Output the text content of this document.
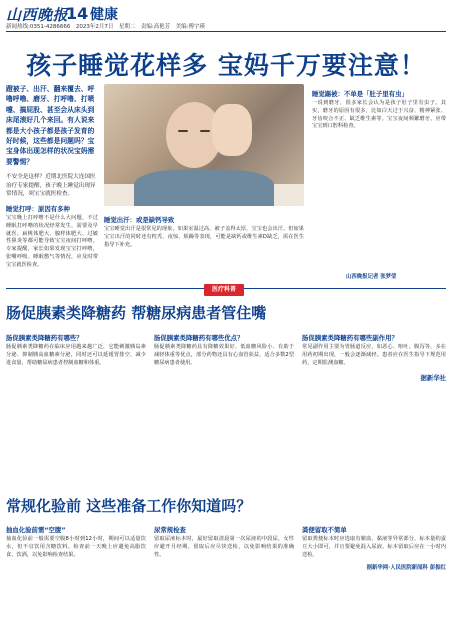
山西晚报
14 健康
新闻热线:0351-4286666　2023年2月7日　星期二　责编:高艳芳　美编:傅宇瑛
孩子睡觉花样多 宝妈千万要注意！

蹬被子、出汗、翻来覆去、呼噜呼噜、磨牙、打呼噜、打喷嚏、搞屁股、甚至会从床头到床尾滚好几个来回。有人说来都是大小孩子都是孩子发育的好时候，这些都是问题吗？宝宝身体出现怎样的状况宝妈需要警惕？

不安全是这样？近期北医院大连国医治疗专家提醒，孩子晚上睡觉出现异常情况，须宝宝就医检查。

睡觉打呼：原因有多种

宝宝晚上打呼噜不是什么大问题，不过睡眠打呼噜的状况经常发生，需要及早就医。扁桃体肥大、腺样体肥大、过敏性鼻炎等都可能导致宝宝夜间打呼噜。专家提醒，家长如果发现宝宝打呼噜，张嘴呼吸、睡眠憋气等情况，应及时带宝宝就医检查。

睡觉出汗：或是缺钙导致

宝宝睡觉出汗是很常见的现象。如果室温过高、被子盖得太厚，宝宝也会出汗。但如果宝宝出汗的同时还有枕秃、夜惊、烦躁等表现，可能是缺钙或维生素D缺乏，需在医生指导下补充。

睡觉踢被：不单是「肚子里有虫」

一说到磨牙，很多家长会认为是孩子肚子里有虫子。其实，磨牙的原因有很多，比如白天过于兴奋、精神紧张、牙齿咬合不正、缺乏维生素等。宝宝夜间频繁磨牙，应带宝宝到口腔科检查。

山西晚报记者 张梦莹
医疗科普
肠促胰素类降糖药 帮糖尿病患者管住嘴
肠促胰素类降糖药有哪些？

肠促胰素类降糖药在临床应用越来越广泛，它能刺激胰岛素分泌、抑制胰高血糖素分泌，同时还可以延缓胃排空、减少进食量，帮助糖尿病患者控制血糖和体重。

肠促胰素类降糖药有哪些优点？

肠促胰素类降糖药具有降糖效果好、低血糖风险小、有助于减轻体重等优点，部分药物还具有心血管获益，适合多数2型糖尿病患者使用。

肠促胰素类降糖药有哪些副作用？

常见副作用主要为胃肠道反应，如恶心、呕吐、腹泻等，多在用药初期出现，一般会逐渐减轻。患者应在医生指导下规范用药，定期监测血糖。

据新华社

常规化验前 这些准备工作你知道吗？
抽血化验前需“空腹”

抽血化验前一般需要空腹8小时到12小时，期间可以适量饮水，但不宜饮用含糖饮料。检查前一天晚上应避免高脂饮食、饮酒，以免影响检查结果。

尿常规检查

留取尿液标本时，最好留取清晨第一次尿液的中段尿，女性应避开月经期。留取后应尽快送检，以免影响结果的准确性。

粪便留取不简单

留取粪便标本时应选取有脓血、黏液等异常部分，标本量约蚕豆大小即可，并且要避免混入尿液。标本留取后应在一小时内送检。

据新华网·人民医院新闻科 彭振红
